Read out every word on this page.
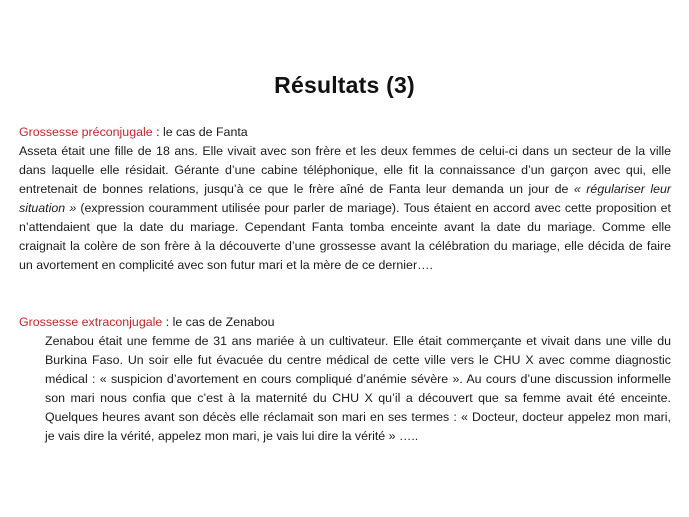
Résultats (3)

Grossesse préconjugale : le cas de Fanta

Asseta était une fille de 18 ans. Elle vivait avec son frère et les deux femmes de celui-ci dans un secteur de la ville dans laquelle elle résidait. Gérante d’une cabine téléphonique, elle fit la connaissance d’un garçon avec qui, elle entretenait de bonnes relations, jusqu’à ce que le frère aîné de Fanta leur demanda un jour de « régulariser leur situation » (expression couramment utilisée pour parler de mariage). Tous étaient en accord avec cette proposition et n’attendaient que la date du mariage. Cependant Fanta tomba enceinte avant la date du mariage. Comme elle craignait la colère de son frère à la découverte d’une grossesse avant la célébration du mariage, elle décida de faire un avortement en complicité avec son futur mari et la mère de ce dernier….

Grossesse extraconjugale : le cas de Zenabou

Zenabou était une femme de 31 ans mariée à un cultivateur. Elle était commerçante et vivait dans une ville du Burkina Faso. Un soir elle fut évacuée du centre médical de cette ville vers le CHU X avec comme diagnostic médical : « suspicion d’avortement en cours compliqué d’anémie sévère ». Au cours d’une discussion informelle son mari nous confia que c’est à la maternité du CHU X qu’il a découvert que sa femme avait été enceinte. Quelques heures avant son décès elle réclamait son mari en ses termes : « Docteur, docteur appelez mon mari, je vais dire la vérité, appelez mon mari, je vais lui dire la vérité » …..
